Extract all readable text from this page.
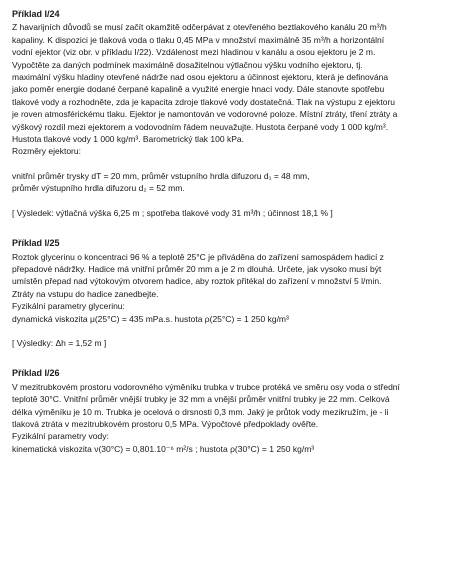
Příklad I/24
Z havarijních důvodů se musí začít okamžitě odčerpávat z otevřeného beztlakového kanálu 20 m³/h
kapaliny. K dispozici je tlaková voda o tlaku 0,45 MPa v množství maximálně 35 m³/h a horizontální
vodní ejektor (viz obr. v příkladu I/22). Vzdálenost mezi hladinou v kanálu a osou ejektoru je 2 m.
Vypočtěte za daných podmínek maximálně dosažitelnou výtlačnou výšku vodního ejektoru, tj.
maximální výšku hladiny otevřené nádrže nad osou ejektoru a účinnost ejektoru, která je definována
jako poměr energie dodané čerpané kapalině a využité energie hnací vody. Dále stanovte spotřebu
tlakové vody a rozhodněte, zda je kapacita zdroje tlakové vody dostatečná. Tlak na výstupu z ejektoru
je roven atmosférickému tlaku. Ejektor je namontován ve vodorovné poloze. Místní ztráty, tření ztráty a
výškový rozdíl mezi ejektorem a vodovodním řádem neuvažujte. Hustota čerpané vody 1 000 kg/m³.
Hustota tlakové vody 1 000 kg/m³. Barometrický tlak 100 kPa.
Rozměry ejektoru:
vnitřní průměr trysky dT = 20 mm, průměr vstupního hrdla difuzoru d₁ = 48 mm,
průměr výstupního hrdla difuzoru d₂ = 52 mm.
[ Výsledek: výtlačná výška 6,25 m ; spotřeba tlakové vody 31 m³/h ; účinnost 18,1 % ]
Příklad I/25
Roztok glycerinu o koncentraci 96 % a teplotě 25°C je přiváděna do zařízení samospádem hadicí z
přepadové nádržky. Hadice má vnitřní průměr 20 mm a je 2 m dlouhá. Určete, jak vysoko musí být
umístěn přepad nad výtokovým otvorem hadice, aby roztok přitékal do zařízení v množství 5 l/min.
Ztráty na vstupu do hadice zanedbejte.
Fyzikální parametry glycerinu:
dynamická viskozita μ(25°C) = 435 mPa.s. hustota ρ(25°C) = 1 250 kg/m³
[ Výsledky: Δh = 1,52 m ]
Příklad I/26
V mezitrubkovém prostoru vodorovného výměníku trubka v trubce protéká ve směru osy voda o střední
teplotě 30°C. Vnitřní průměr vnější trubky je 32 mm a vnější průměr vnitřní trubky je 22 mm. Celková
délka výměníku je 10 m. Trubka je ocelová o drsnosti 0,3 mm. Jaký je průtok vody mezikružím, je - li
tlaková ztráta v mezitrubkovém prostoru 0,5 MPa. Výpočtové předpoklady ověřte.
Fyzikální parametry vody:
kinematická viskozita ν(30°C) = 0,801.10⁻⁶ m²/s ; hustota ρ(30°C) = 1 250 kg/m³
